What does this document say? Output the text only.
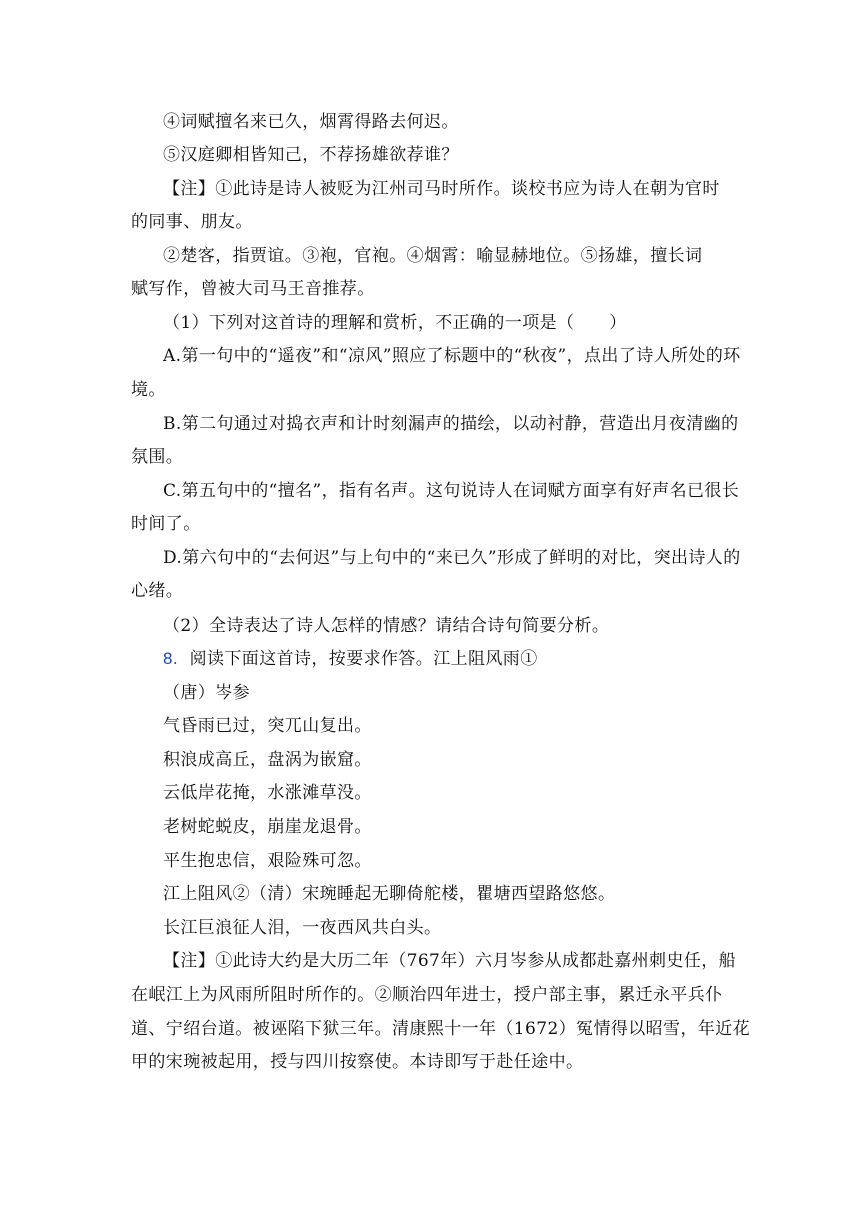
④词赋擅名来已久，烟霄得路去何迟。
⑤汉庭卿相皆知己，不荐扬雄欲荐谁？
【注】①此诗是诗人被贬为江州司马时所作。谈校书应为诗人在朝为官时
的同事、朋友。
②楚客，指贾谊。③袍，官袍。④烟霄：喻显赫地位。⑤扬雄，擅长词
赋写作，曾被大司马王音推荐。
（1）下列对这首诗的理解和赏析，不正确的一项是（　　）
A.第一句中的“遥夜”和“凉风”照应了标题中的“秋夜”，点出了诗人所处的环
境。
B.第二句通过对捣衣声和计时刻漏声的描绘，以动衬静，营造出月夜清幽的
氛围。
C.第五句中的“擅名”，指有名声。这句说诗人在词赋方面享有好声名已很长
时间了。
D.第六句中的“去何迟”与上句中的“来已久”形成了鲜明的对比，突出诗人的
心绪。
（2）全诗表达了诗人怎样的情感？请结合诗句简要分析。
8. 阅读下面这首诗，按要求作答。江上阻风雨①
（唐）岑参
气昏雨已过，突兀山复出。
积浪成高丘，盘涡为嵌窟。
云低岸花掩，水涨滩草没。
老树蛇蜕皮，崩崖龙退骨。
平生抱忠信，艰险殊可忽。
江上阻风②（清）宋琬睡起无聊倚舵楼，瞿塘西望路悠悠。
长江巨浪征人泪，一夜西风共白头。
【注】①此诗大约是大历二年（767年）六月岑参从成都赴嘉州刺史任，船
在岷江上为风雨所阻时所作的。②顺治四年进士，授户部主事，累迁永平兵仆
道、宁绍台道。被诬陷下狱三年。清康熙十一年（1672）冤情得以昭雪，年近花
甲的宋琬被起用，授与四川按察使。本诗即写于赴任途中。
